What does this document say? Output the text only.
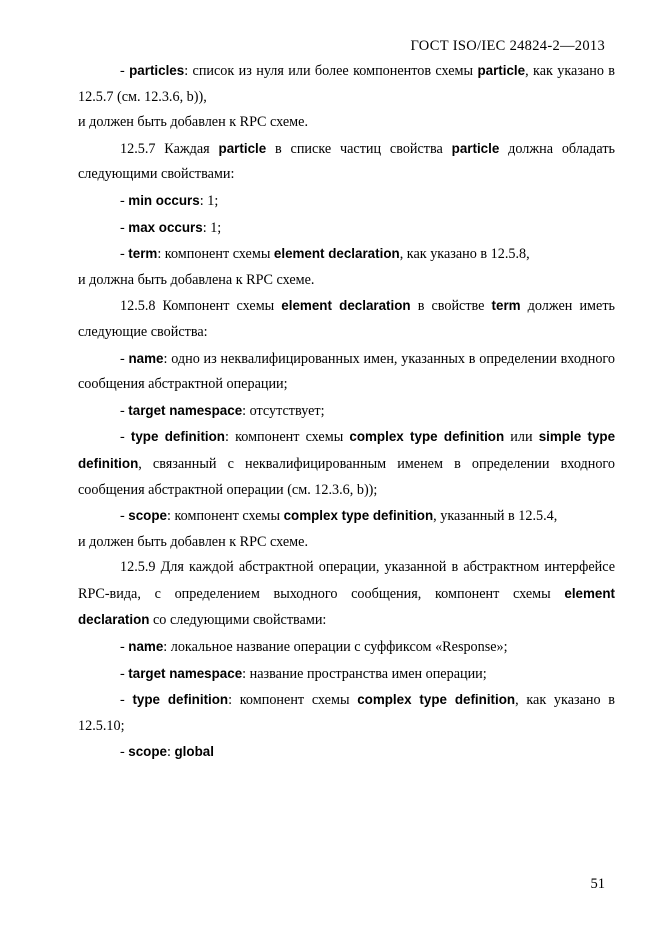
ГОСТ ISO/IEC 24824-2—2013

- particles: список из нуля или более компонентов схемы particle, как указано в 12.5.7 (см. 12.3.6, b)),

и должен быть добавлен к RPC схеме.

12.5.7 Каждая particle в списке частиц свойства particle должна обладать следующими свойствами:

- min occurs: 1;

- max occurs: 1;

- term: компонент схемы element declaration, как указано в 12.5.8,

и должна быть добавлена к RPC схеме.

12.5.8 Компонент схемы element declaration в свойстве term должен иметь следующие свойства:

- name: одно из неквалифицированных имен, указанных в определении входного сообщения абстрактной операции;

- target namespace: отсутствует;

- type definition: компонент схемы complex type definition или simple type definition, связанный с неквалифицированным именем в определении входного сообщения абстрактной операции (см. 12.3.6, b));

- scope: компонент схемы complex type definition, указанный в 12.5.4,

и должен быть добавлен к RPC схеме.

12.5.9 Для каждой абстрактной операции, указанной в абстрактном интерфейсе RPC-вида, с определением выходного сообщения, компонент схемы element declaration со следующими свойствами:

- name: локальное название операции с суффиксом «Response»;

- target namespace: название пространства имен операции;

- type definition: компонент схемы complex type definition, как указано в 12.5.10;

- scope: global

51
